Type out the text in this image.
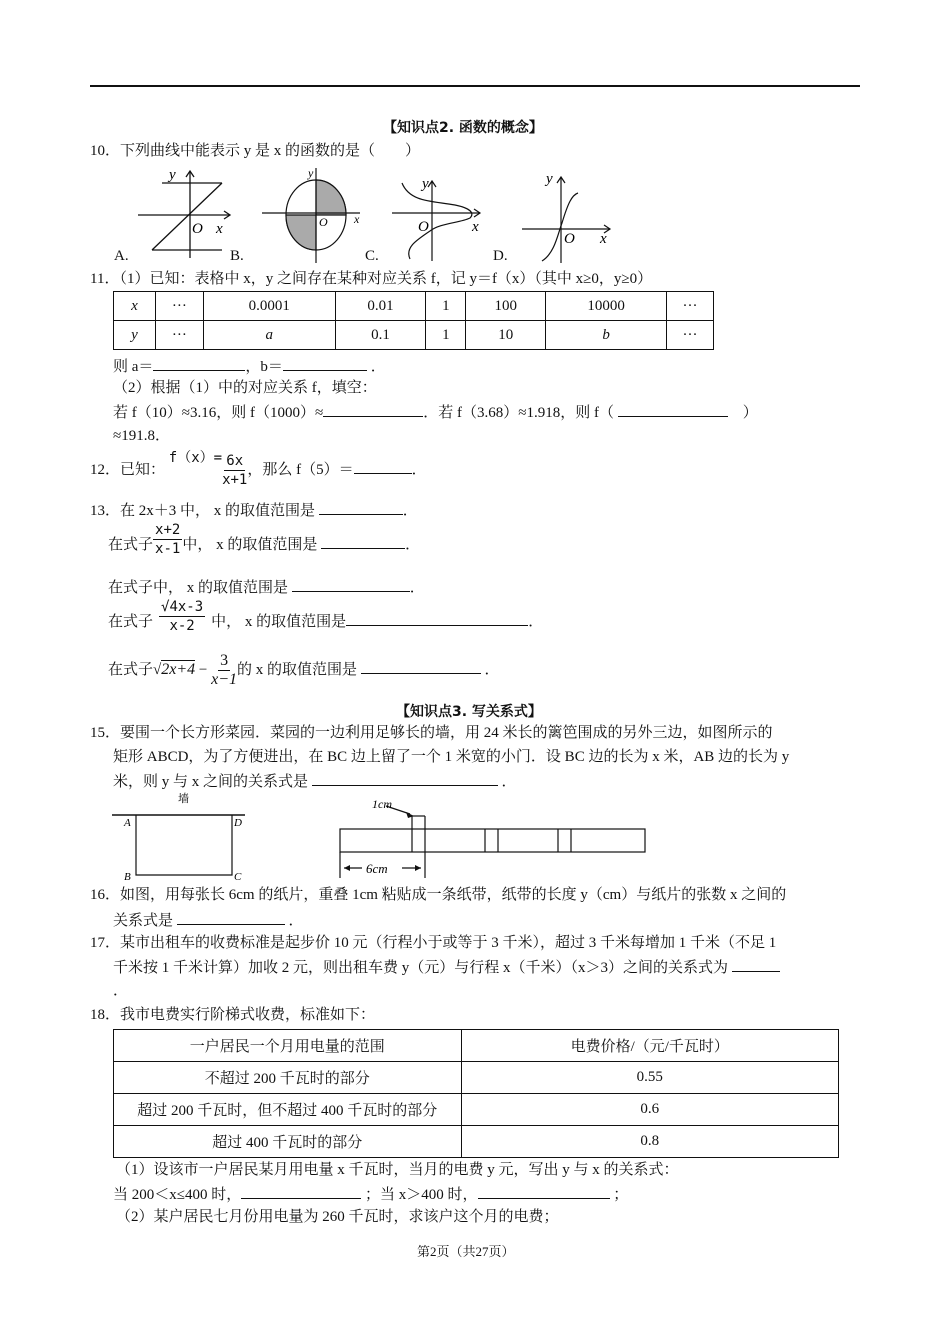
【知识点2. 函数的概念】
10．下列曲线中能表示 y 是 x 的函数的是（　　）
y
O x
y
O x
y
O	x
y
O x
A.	B.	C.	D.
11．（1）已知：表格中 x，y 之间存在某种对应关系 f，记 y＝f（x）（其中 x≥0，y≥0）
x	···	0.0001	0.01	1	100	10000	···
y	···	a	0.1	1	10	b	···
则 a＝	，b＝	．
（2）根据（1）中的对应关系 f，填空：
若 f（10）≈3.16，则 f（1000）≈	．若 f（3.68）≈1.918，则 f（ 　	）
≈191.8．
12．已知： $f(x)= \frac{6x}{x+1}$ ，那么 f（5）＝	．
13．在 2x＋3 中， x 的取值范围是	．
在式子 $\frac{x+2}{x-1}$ 中， x 的取值范围是	．
在式子中， x 的取值范围是	．
在式子 $\frac{√4x-3}{x-2}$ 中， x 的取值范围是	．
在式子$√2x+4 - \frac{3}{x-1}$ 的 x 的取值范围是	．
【知识点3. 写关系式】
15．要围一个长方形菜园．菜园的一边利用足够长的墙，用 24 米长的篱笆围成的另外三边，如图所示的
矩形 ABCD，为了方便进出，在 BC 边上留了一个 1 米宽的小门．设 BC 边的长为 x 米，AB 边的长为 y
米，则 y 与 x 之间的关系式是	．
墙
A	D
B	C
1cm
6cm
16．如图，用每张长 6cm 的纸片，重叠 1cm 粘贴成一条纸带，纸带的长度 y（cm）与纸片的张数 x 之间的
关系式是	．
17．某市出租车的收费标准是起步价 10 元（行程小于或等于 3 千米），超过 3 千米每增加 1 千米（不足 1
千米按 1 千米计算）加收 2 元，则出租车费 y（元）与行程 x（千米）（x＞3）之间的关系式为
．
18．我市电费实行阶梯式收费，标准如下：
一户居民一个月用电量的范围	电费价格/（元/千瓦时）
不超过 200 千瓦时的部分	0.55
超过 200 千瓦时，但不超过 400 千瓦时的部分	0.6
超过 400 千瓦时的部分	0.8
（1）设该市一户居民某月用电量 x 千瓦时，当月的电费 y 元，写出 y 与 x 的关系式：
当 200＜x≤400 时，	；当 x＞400 时，	；
（2）某户居民七月份用电量为 260 千瓦时，求该户这个月的电费；
第2页（共27页）
